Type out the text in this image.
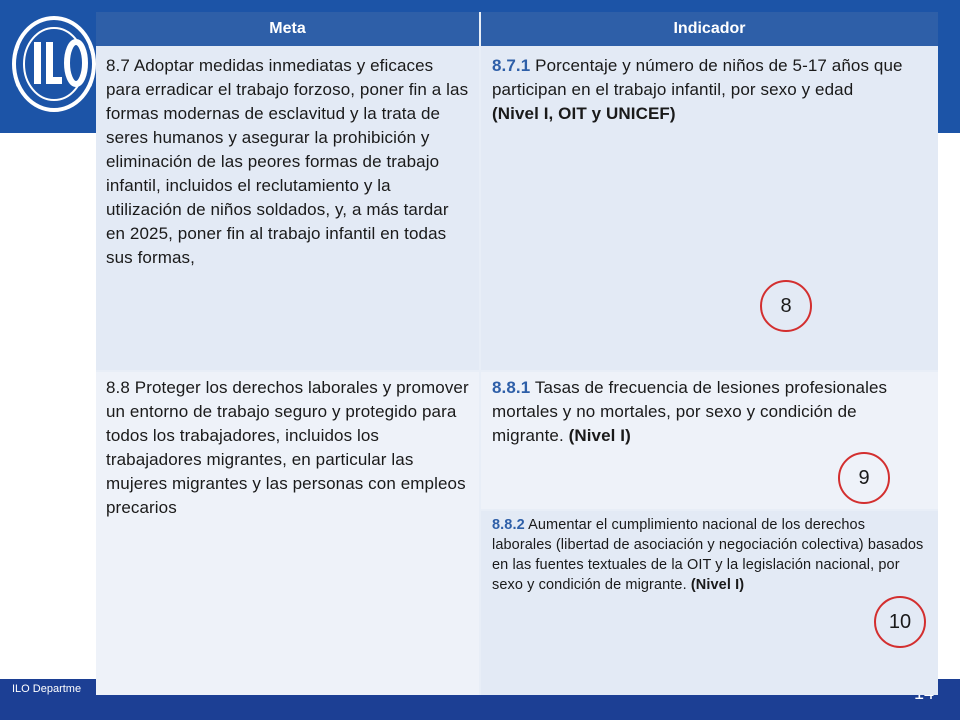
ILO Departme
Meta	Indicador
8.7 Adoptar medidas inmediatas y eficaces para erradicar el trabajo forzoso, poner fin a las formas modernas de esclavitud y la trata de seres humanos y asegurar la prohibición y eliminación de las peores formas de trabajo infantil, incluidos el reclutamiento y la utilización de niños soldados, y, a más tardar en 2025, poner fin al trabajo infantil en todas sus formas,
8.7.1 Porcentaje y número de niños de 5-17 años que participan en el trabajo infantil, por sexo y edad
(Nivel I, OIT y UNICEF)
8.8 Proteger los derechos laborales y promover un entorno de trabajo seguro y protegido para todos los trabajadores, incluidos los trabajadores migrantes, en particular las mujeres migrantes y las personas con empleos precarios
8.8.1 Tasas de frecuencia de lesiones profesionales mortales y no mortales, por sexo y condición de migrante. (Nivel I)
8.8.2 Aumentar el cumplimiento nacional de los derechos laborales (libertad de asociación y negociación colectiva) basados en las fuentes textuales de la OIT y la legislación nacional, por sexo y condición de migrante. (Nivel I)
8
9
10
